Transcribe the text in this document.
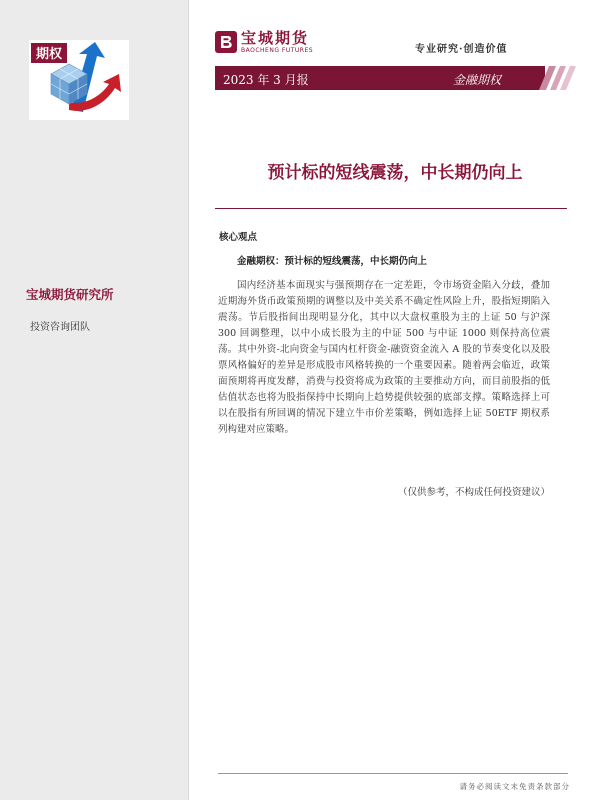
期权

宝城期货研究所

投资咨询团队

宝城期货
BAOCHENG FUTURES	专业研究·创造价值

2023 年 3 月报	金融期权

预计标的短线震荡，中长期仍向上
核心观点
金融期权：预计标的短线震荡，中长期仍向上

国内经济基本面现实与强预期存在一定差距，令市场资金陷入分歧，叠加近期海外货币政策预期的调整以及中美关系不确定性风险上升，股指短期陷入震荡。节后股指间出现明显分化，其中以大盘权重股为主的上证 50 与沪深 300 回调整理，以中小成长股为主的中证 500 与中证 1000 则保持高位震荡。其中外资-北向资金与国内杠杆资金-融资资金流入 A 股的节奏变化以及股票风格偏好的差异是形成股市风格转换的一个重要因素。随着两会临近，政策面预期将再度发酵，消费与投资将成为政策的主要推动方向，而目前股指的低估值状态也将为股指保持中长期向上趋势提供较强的底部支撑。策略选择上可以在股指有所回调的情况下建立牛市价差策略，例如选择上证 50ETF 期权系列构建对应策略。

（仅供参考，不构成任何投资建议）

请务必阅读文末免责条款部分
